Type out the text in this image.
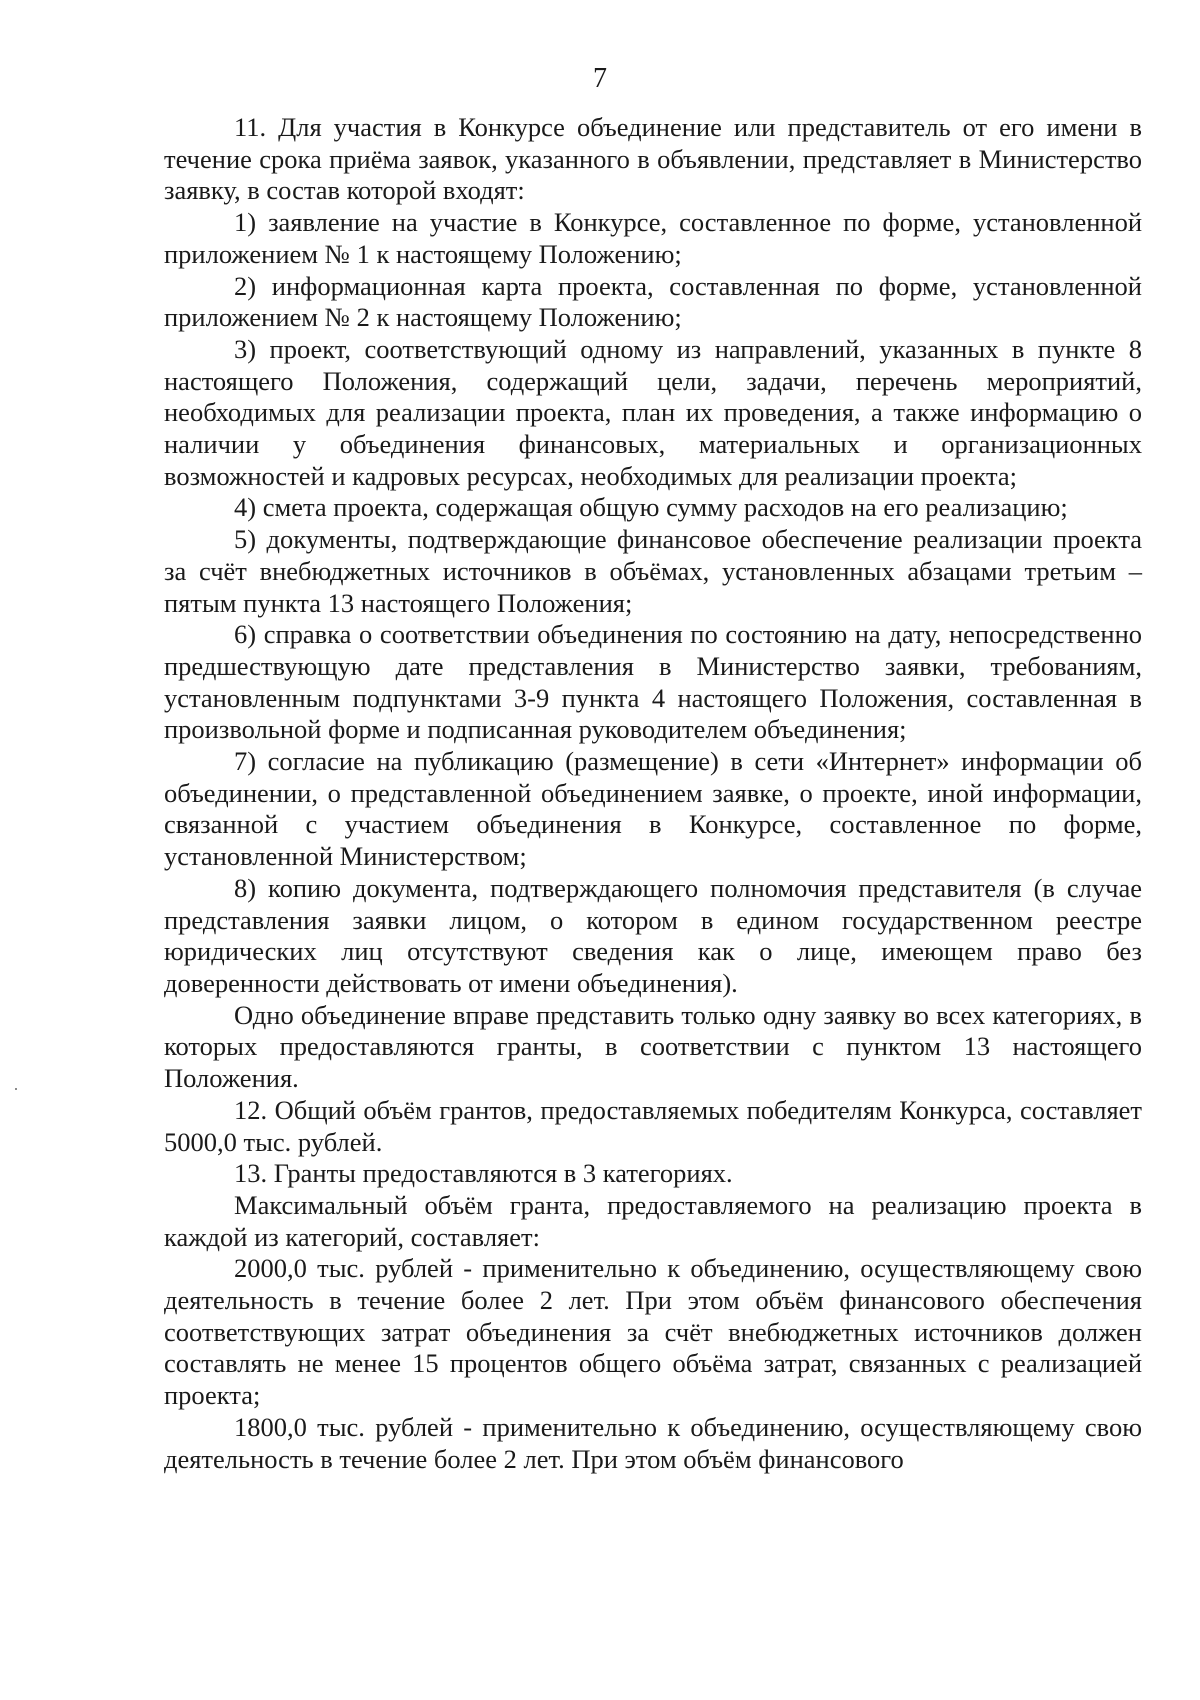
7

11. Для участия в Конкурсе объединение или представитель от его имени в течение срока приёма заявок, указанного в объявлении, представляет в Министерство заявку, в состав которой входят:

1) заявление на участие в Конкурсе, составленное по форме, установленной приложением № 1 к настоящему Положению;

2) информационная карта проекта, составленная по форме, установленной приложением № 2 к настоящему Положению;

3) проект, соответствующий одному из направлений, указанных в пункте 8 настоящего Положения, содержащий цели, задачи, перечень мероприятий, необходимых для реализации проекта, план их проведения, а также информацию о наличии у объединения финансовых, материальных и организационных возможностей и кадровых ресурсах, необходимых для реализации проекта;

4) смета проекта, содержащая общую сумму расходов на его реализацию;

5) документы, подтверждающие финансовое обеспечение реализации проекта за счёт внебюджетных источников в объёмах, установленных абзацами третьим – пятым пункта 13 настоящего Положения;

6) справка о соответствии объединения по состоянию на дату, непосредственно предшествующую дате представления в Министерство заявки, требованиям, установленным подпунктами 3-9 пункта 4 настоящего Положения, составленная в произвольной форме и подписанная руководителем объединения;

7) согласие на публикацию (размещение) в сети «Интернет» информации об объединении, о представленной объединением заявке, о проекте, иной информации, связанной с участием объединения в Конкурсе, составленное по форме, установленной Министерством;

8) копию документа, подтверждающего полномочия представителя (в случае представления заявки лицом, о котором в едином государственном реестре юридических лиц отсутствуют сведения как о лице, имеющем право без доверенности действовать от имени объединения).

Одно объединение вправе представить только одну заявку во всех категориях, в которых предоставляются гранты, в соответствии с пунктом 13 настоящего Положения.

12. Общий объём грантов, предоставляемых победителям Конкурса, составляет 5000,0 тыс. рублей.

13. Гранты предоставляются в 3 категориях.

Максимальный объём гранта, предоставляемого на реализацию проекта в каждой из категорий, составляет:

2000,0 тыс. рублей - применительно к объединению, осуществляющему свою деятельность в течение более 2 лет. При этом объём финансового обеспечения соответствующих затрат объединения за счёт внебюджетных источников должен составлять не менее 15 процентов общего объёма затрат, связанных с реализацией проекта;

1800,0 тыс. рублей - применительно к объединению, осуществляющему свою деятельность в течение более 2 лет. При этом объём финансового
